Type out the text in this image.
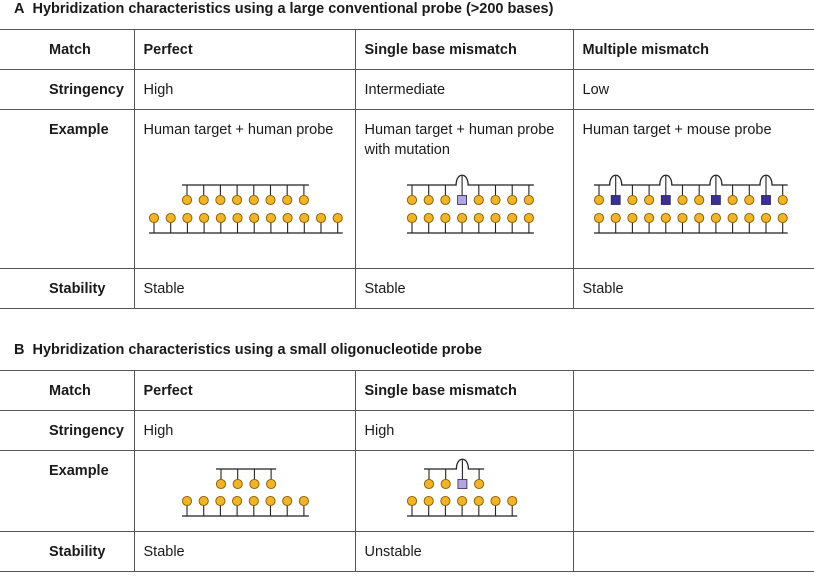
A Hybridization characteristics using a large conventional probe (>200 bases)
Match	Perfect	Single base mismatch	Multiple mismatch

Stringency	High	Intermediate	Low

Example	Human target + human probe	Human target + human probe with mutation	Human target + mouse probe

Stability	Stable	Stable	Stable
B Hybridization characteristics using a small oligonucleotide probe
Match	Perfect	Single base mismatch	

Stringency	High	High	

Example

Stability	Stable	Unstable	
